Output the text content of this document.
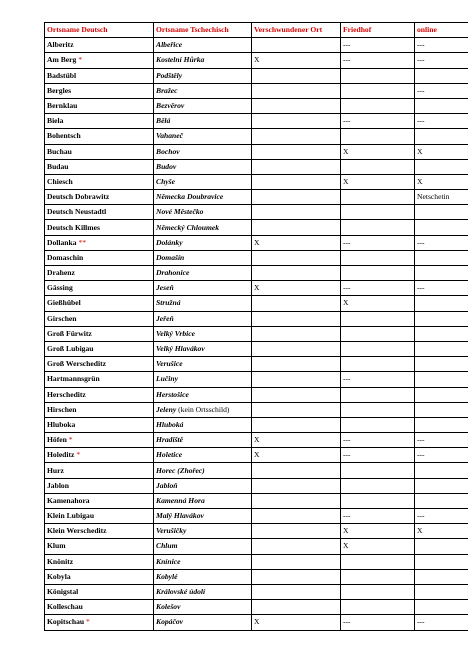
Ortsname Deutsch	Ortsname Tschechisch	Verschwundener Ort	Friedhof	online
Alberitz	Albeřice		---	---
Am Berg *	Kostelní Hůrka	X	---	---
Badstübl	Podštěly			
Bergles	Bražec			---
Bernklau	Bezvěrov			
Biela	Bělá		---	---
Bohentsch	Vahaneč			
Buchau	Bochov		X	X
Budau	Budov			
Chiesch	Chyše		X	X
Deutsch Dobrawitz	Německa Doubravice			Netschetin
Deutsch Neustadtl	Nové Městečko			
Deutsch Killmes	Německý Chloumek			
Dollanka **	Dolánky	X	---	---
Domaschin	Domašín			
Drahenz	Drahonice			
Gässing	Jeseň	X	---	---
Gießhübel	Stružná		X	
Girschen	Jeřeň			
Groß Fürwitz	Velký Vrbice			
Groß Lubigau	Velký Hlavákov			
Groß Werscheditz	Verušice			
Hartmannsgrün	Lučiny		---	
Herscheditz	Herstošice			
Hirschen	Jeleny (kein Ortsschild)			
Hluboka	Hluboká			
Höfen *	Hradiště	X	---	---
Holeditz *	Holetice	X	---	---
Hurz	Horec (Zhořec)			
Jablon	Jabloň			
Kamenahora	Kamenná Hora			
Klein Lubigau	Malý Hlavákov		---	---
Klein Werscheditz	Verušičky		X	X
Klum	Chlum		X	
Knönitz	Knínice			
Kobyla	Kobylé			
Königstal	Královské údolí			
Kolleschau	Kolešov			
Kopitschau *	Kopáčov	X	---	---
